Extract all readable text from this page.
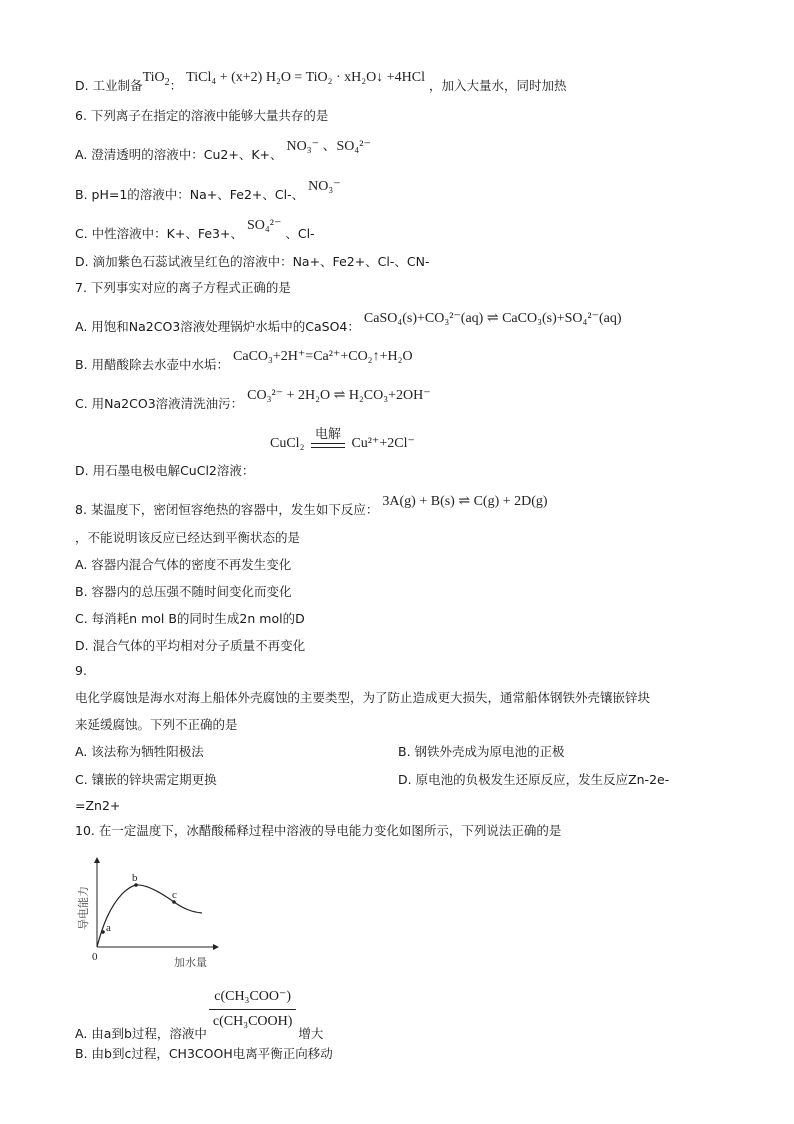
D. 工业制备TiO$_2$：TiCl₄ + (x+2) H₂O = TiO₂ · xH₂O↓ +4HCl，加入大量水，同时加热
6. 下列离子在指定的溶液中能够大量共存的是
A. 澄清透明的溶液中：Cu2+、K+、NO₃⁻ 、SO₄²⁻
B. pH=1的溶液中：Na+、Fe2+、Cl-、NO₃⁻
C. 中性溶液中：K+、Fe3+、SO₄²⁻、Cl-
D. 滴加紫色石蕊试液呈红色的溶液中：Na+、Fe2+、Cl-、CN-
7. 下列事实对应的离子方程式正确的是
A. 用饱和Na2CO3溶液处理锅炉水垢中的CaSO4：CaSO₄(s)+CO₃²⁻(aq) ⇌ CaCO₃(s)+SO₄²⁻(aq)
B. 用醋酸除去水壶中水垢：CaCO₃+2H⁺=Ca²⁺+CO₂↑+H₂O
C. 用Na2CO3溶液清洗油污：CO₃²⁻ + 2H₂O ⇌ H₂CO₃+2OH⁻
CuCl₂
电解
Cu²⁺+2Cl⁻
D. 用石墨电极电解CuCl2溶液：
8. 某温度下，密闭恒容绝热的容器中，发生如下反应：3A(g) + B(s) ⇌ C(g) + 2D(g)
，不能说明该反应已经达到平衡状态的是
A. 容器内混合气体的密度不再发生变化
B. 容器内的总压强不随时间变化而变化
C. 每消耗n mol B的同时生成2n mol的D
D. 混合气体的平均相对分子质量不再变化
9.
电化学腐蚀是海水对海上船体外壳腐蚀的主要类型，为了防止造成更大损失，通常船体钢铁外壳镶嵌锌块
来延缓腐蚀。下列不正确的是
A. 该法称为牺牲阳极法	B. 钢铁外壳成为原电池的正极
C. 镶嵌的锌块需定期更换	D. 原电池的负极发生还原反应，发生反应Zn-2e-
=Zn2+
10. 在一定温度下，冰醋酸稀释过程中溶液的导电能力变化如图所示，下列说法正确的是
a
b
c
0	加水量
导电能力
A. 由a到b过程，溶液中
$\frac{\text{c(CH₃COO⁻)}}{\text{c(CH₃COOH)}}$
增大
B. 由b到c过程，CH3COOH电离平衡正向移动
